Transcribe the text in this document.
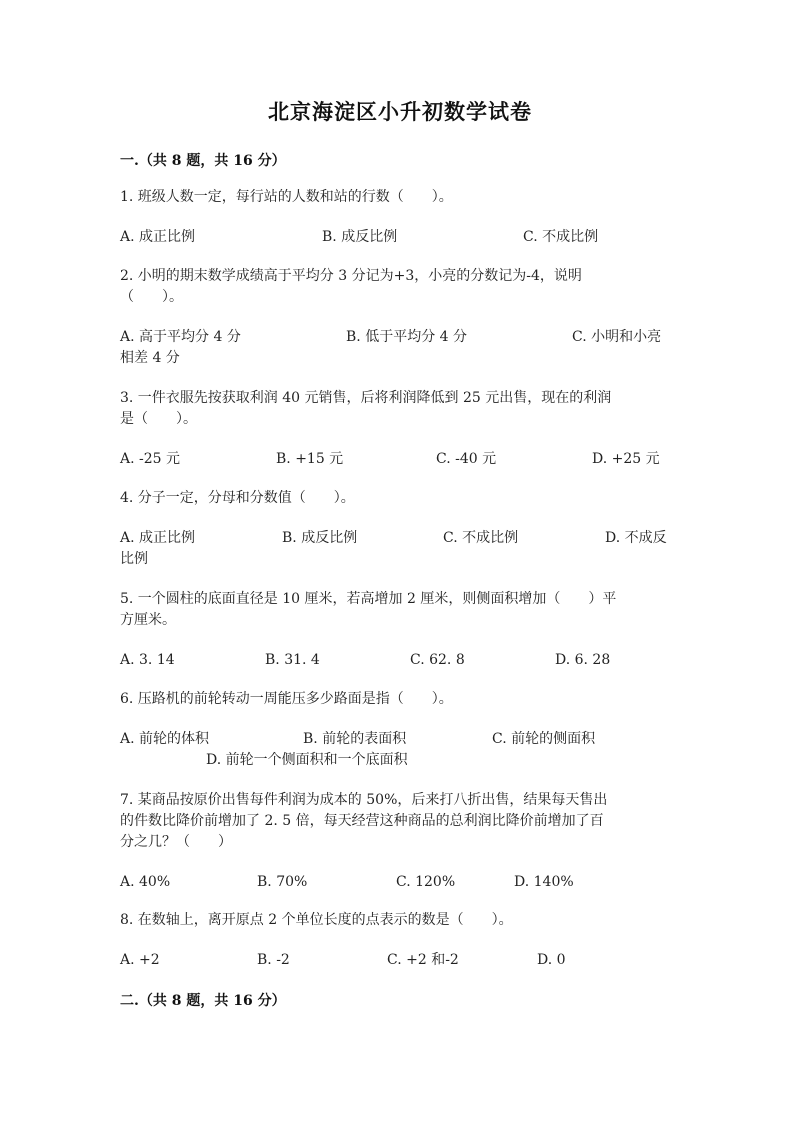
北京海淀区小升初数学试卷
一.（共 8 题，共 16 分）
1. 班级人数一定，每行站的人数和站的行数（　　）。
A. 成正比例	B. 成反比例	C. 不成比例
2. 小明的期末数学成绩高于平均分 3 分记为+3，小亮的分数记为-4，说明
（　　）。
A. 高于平均分 4 分	B. 低于平均分 4 分	C. 小明和小亮
相差 4 分
3. 一件衣服先按获取利润 40 元销售，后将利润降低到 25 元出售，现在的利润
是（　　）。
A. -25 元	B. +15 元	C. -40 元	D. +25 元
4. 分子一定，分母和分数值（　　）。
A. 成正比例	B. 成反比例	C. 不成比例	D. 不成反
比例
5. 一个圆柱的底面直径是 10 厘米，若高增加 2 厘米，则侧面积增加（　　）平
方厘米。
A. 3. 14	B. 31. 4	C. 62. 8	D. 6. 28
6. 压路机的前轮转动一周能压多少路面是指（　　）。
A. 前轮的体积	B. 前轮的表面积	C. 前轮的侧面积
D. 前轮一个侧面积和一个底面积
7. 某商品按原价出售每件利润为成本的 50%，后来打八折出售，结果每天售出
的件数比降价前增加了 2. 5 倍，每天经营这种商品的总利润比降价前增加了百
分之几？（　　）
A. 40%	B. 70%	C. 120%	D. 140%
8. 在数轴上，离开原点 2 个单位长度的点表示的数是（　　）。
A. +2	B. -2	C. +2 和-2	D. 0
二.（共 8 题，共 16 分）
